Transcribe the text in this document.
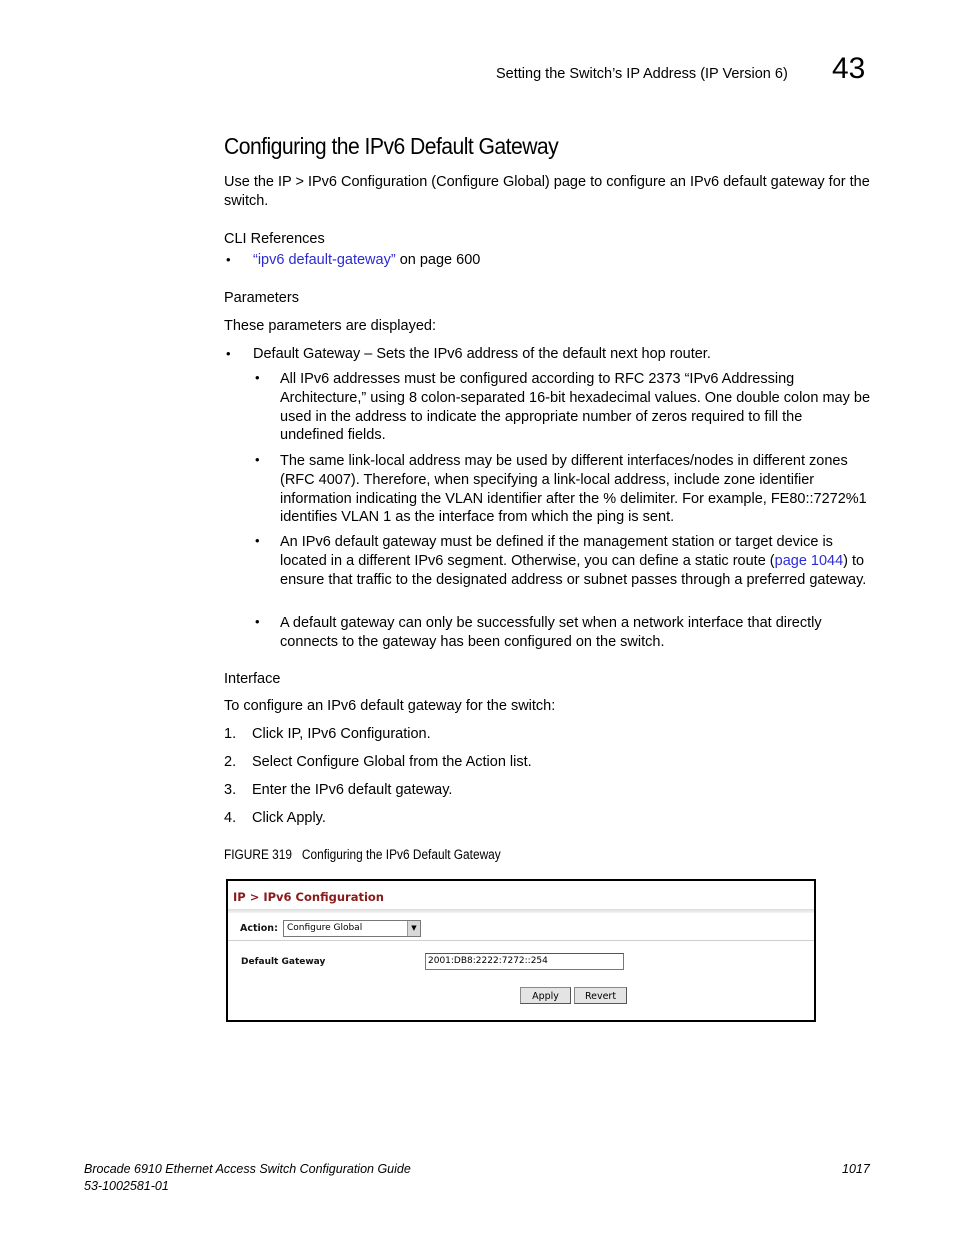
Setting the Switch’s IP Address (IP Version 6) 43
Configuring the IPv6 Default Gateway
Use the IP > IPv6 Configuration (Configure Global) page to configure an IPv6 default gateway for the switch.
CLI References
• “ipv6 default-gateway” on page 600
Parameters
These parameters are displayed:
• Default Gateway – Sets the IPv6 address of the default next hop router.
• All IPv6 addresses must be configured according to RFC 2373 “IPv6 Addressing Architecture,” using 8 colon-separated 16-bit hexadecimal values. One double colon may be used in the address to indicate the appropriate number of zeros required to fill the undefined fields.
• The same link-local address may be used by different interfaces/nodes in different zones (RFC 4007). Therefore, when specifying a link-local address, include zone identifier information indicating the VLAN identifier after the % delimiter. For example, FE80::7272%1 identifies VLAN 1 as the interface from which the ping is sent.
• An IPv6 default gateway must be defined if the management station or target device is located in a different IPv6 segment. Otherwise, you can define a static route (page 1044) to ensure that traffic to the designated address or subnet passes through a preferred gateway.
• A default gateway can only be successfully set when a network interface that directly connects to the gateway has been configured on the switch.
Interface
To configure an IPv6 default gateway for the switch:
1. Click IP, IPv6 Configuration.
2. Select Configure Global from the Action list.
3. Enter the IPv6 default gateway.
4. Click Apply.
FIGURE 319 Configuring the IPv6 Default Gateway
IP > IPv6 Configuration
Action:	Configure Global	▼
Default Gateway	2001:DB8:2222:7272::254
Apply	Revert
Brocade 6910 Ethernet Access Switch Configuration Guide
53-1002581-01
1017
